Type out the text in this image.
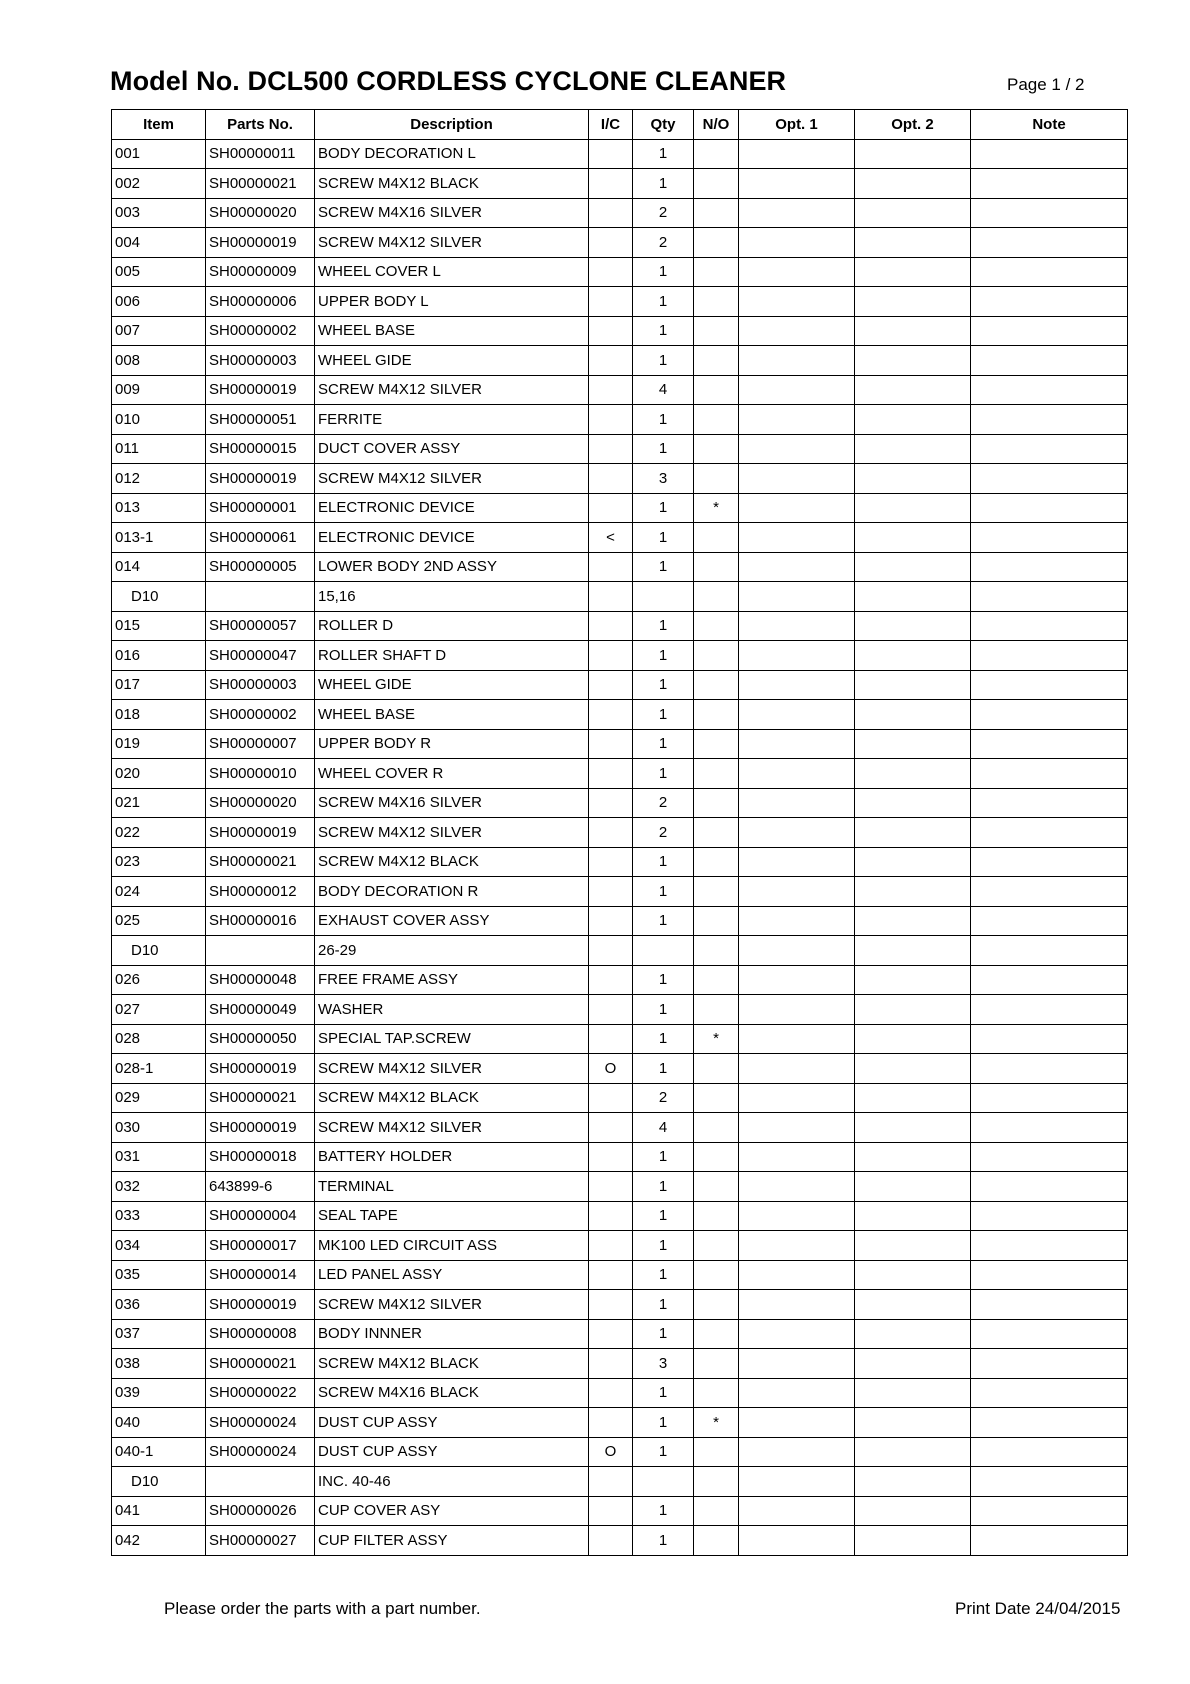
Model No. DCL500 CORDLESS CYCLONE CLEANER	Page 1 / 2
Item	Parts No.	Description	I/C	Qty	N/O	Opt. 1	Opt. 2	Note
001	SH00000011	BODY DECORATION L		1				
002	SH00000021	SCREW M4X12 BLACK		1				
003	SH00000020	SCREW M4X16 SILVER		2				
004	SH00000019	SCREW M4X12 SILVER		2				
005	SH00000009	WHEEL COVER L		1				
006	SH00000006	UPPER BODY L		1				
007	SH00000002	WHEEL BASE		1				
008	SH00000003	WHEEL GIDE		1				
009	SH00000019	SCREW M4X12 SILVER		4				
010	SH00000051	FERRITE		1				
011	SH00000015	DUCT COVER ASSY		1				
012	SH00000019	SCREW M4X12 SILVER		3				
013	SH00000001	ELECTRONIC DEVICE		1	*			
013-1	SH00000061	ELECTRONIC DEVICE	<	1				
014	SH00000005	LOWER BODY 2ND ASSY		1				
D10		15,16						
015	SH00000057	ROLLER D		1				
016	SH00000047	ROLLER SHAFT D		1				
017	SH00000003	WHEEL GIDE		1				
018	SH00000002	WHEEL BASE		1				
019	SH00000007	UPPER BODY R		1				
020	SH00000010	WHEEL COVER R		1				
021	SH00000020	SCREW M4X16 SILVER		2				
022	SH00000019	SCREW M4X12 SILVER		2				
023	SH00000021	SCREW M4X12 BLACK		1				
024	SH00000012	BODY DECORATION R		1				
025	SH00000016	EXHAUST COVER ASSY		1				
D10		26-29						
026	SH00000048	FREE FRAME ASSY		1				
027	SH00000049	WASHER		1				
028	SH00000050	SPECIAL TAP.SCREW		1	*			
028-1	SH00000019	SCREW M4X12 SILVER	O	1				
029	SH00000021	SCREW M4X12 BLACK		2				
030	SH00000019	SCREW M4X12 SILVER		4				
031	SH00000018	BATTERY HOLDER		1				
032	643899-6	TERMINAL		1				
033	SH00000004	SEAL TAPE		1				
034	SH00000017	MK100 LED CIRCUIT ASS		1				
035	SH00000014	LED PANEL ASSY		1				
036	SH00000019	SCREW M4X12 SILVER		1				
037	SH00000008	BODY INNNER		1				
038	SH00000021	SCREW M4X12 BLACK		3				
039	SH00000022	SCREW M4X16 BLACK		1				
040	SH00000024	DUST CUP ASSY		1	*			
040-1	SH00000024	DUST CUP ASSY	O	1				
D10		INC. 40-46						
041	SH00000026	CUP COVER ASY		1				
042	SH00000027	CUP FILTER ASSY		1				
Please order the parts with a part number.	Print Date 24/04/2015
